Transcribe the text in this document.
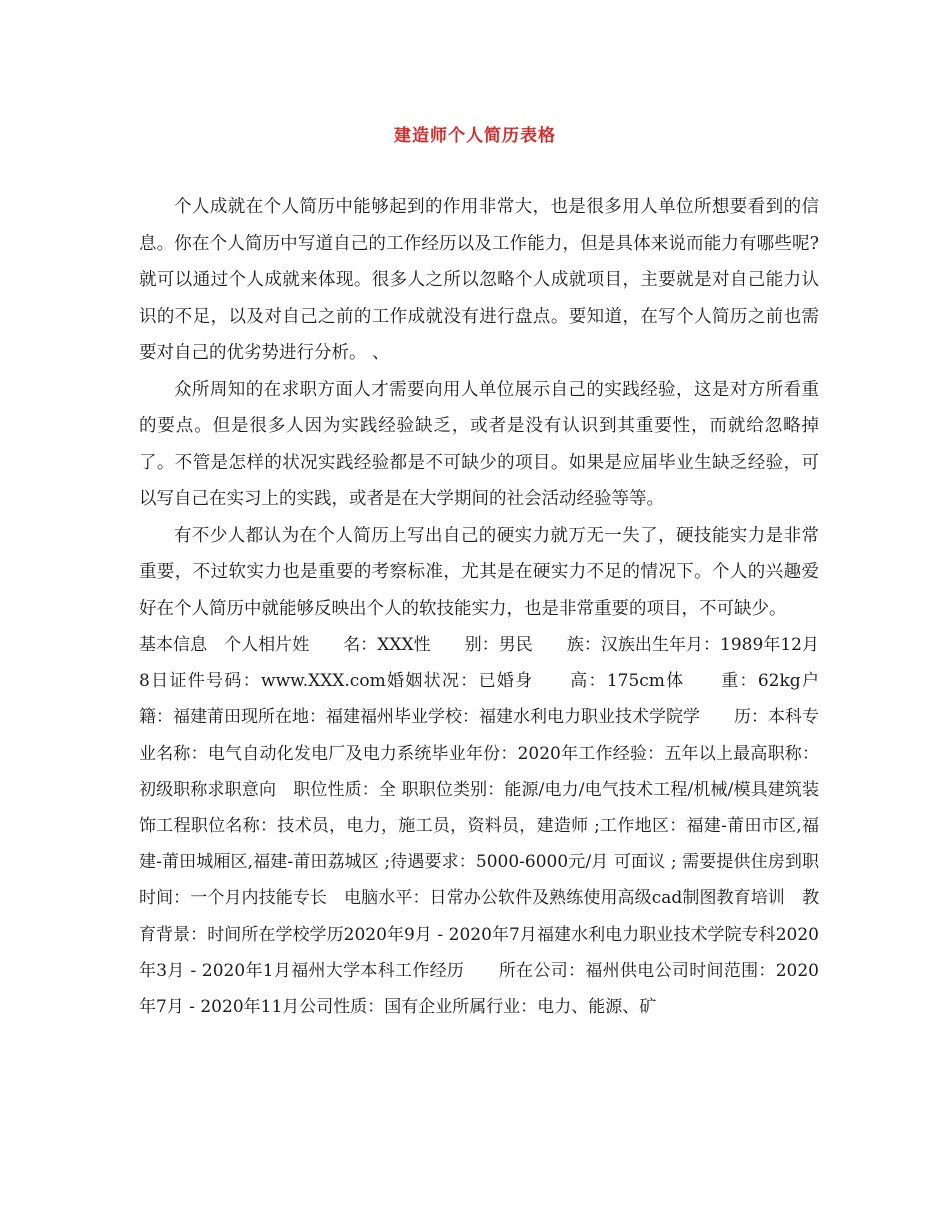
建造师个人简历表格

个人成就在个人简历中能够起到的作用非常大，也是很多用人单位所想要看到的信息。你在个人简历中写道自己的工作经历以及工作能力，但是具体来说而能力有哪些呢?就可以通过个人成就来体现。很多人之所以忽略个人成就项目，主要就是对自己能力认识的不足，以及对自己之前的工作成就没有进行盘点。要知道，在写个人简历之前也需要对自己的优劣势进行分析。 、

众所周知的在求职方面人才需要向用人单位展示自己的实践经验，这是对方所看重的要点。但是很多人因为实践经验缺乏，或者是没有认识到其重要性，而就给忽略掉了。不管是怎样的状况实践经验都是不可缺少的项目。如果是应届毕业生缺乏经验，可以写自己在实习上的实践，或者是在大学期间的社会活动经验等等。

有不少人都认为在个人简历上写出自己的硬实力就万无一失了，硬技能实力是非常重要，不过软实力也是重要的考察标准，尤其是在硬实力不足的情况下。个人的兴趣爱好在个人简历中就能够反映出个人的软技能实力，也是非常重要的项目，不可缺少。

基本信息　个人相片姓　　名：XXX性　　别：男民　　族：汉族出生年月：1989年12月8日证件号码：www.XXX.com婚姻状况：已婚身　　高：175cm体　　重：62kg户　　籍：福建莆田现所在地：福建福州毕业学校：福建水利电力职业技术学院学　　历：本科专业名称：电气自动化发电厂及电力系统毕业年份：2020年工作经验：五年以上最高职称：初级职称求职意向　职位性质：全 职职位类别：能源/电力/电气技术工程/机械/模具建筑装饰工程职位名称：技术员，电力，施工员，资料员，建造师 ;工作地区：福建-莆田市区,福建-莆田城厢区,福建-莆田荔城区 ;待遇要求：5000-6000元/月 可面议 ; 需要提供住房到职时间：一个月内技能专长　电脑水平：日常办公软件及熟练使用高级cad制图教育培训　教育背景：时间所在学校学历2020年9月 - 2020年7月福建水利电力职业技术学院专科2020年3月 - 2020年1月福州大学本科工作经历　　所在公司：福州供电公司时间范围：2020年7月 - 2020年11月公司性质：国有企业所属行业：电力、能源、矿
